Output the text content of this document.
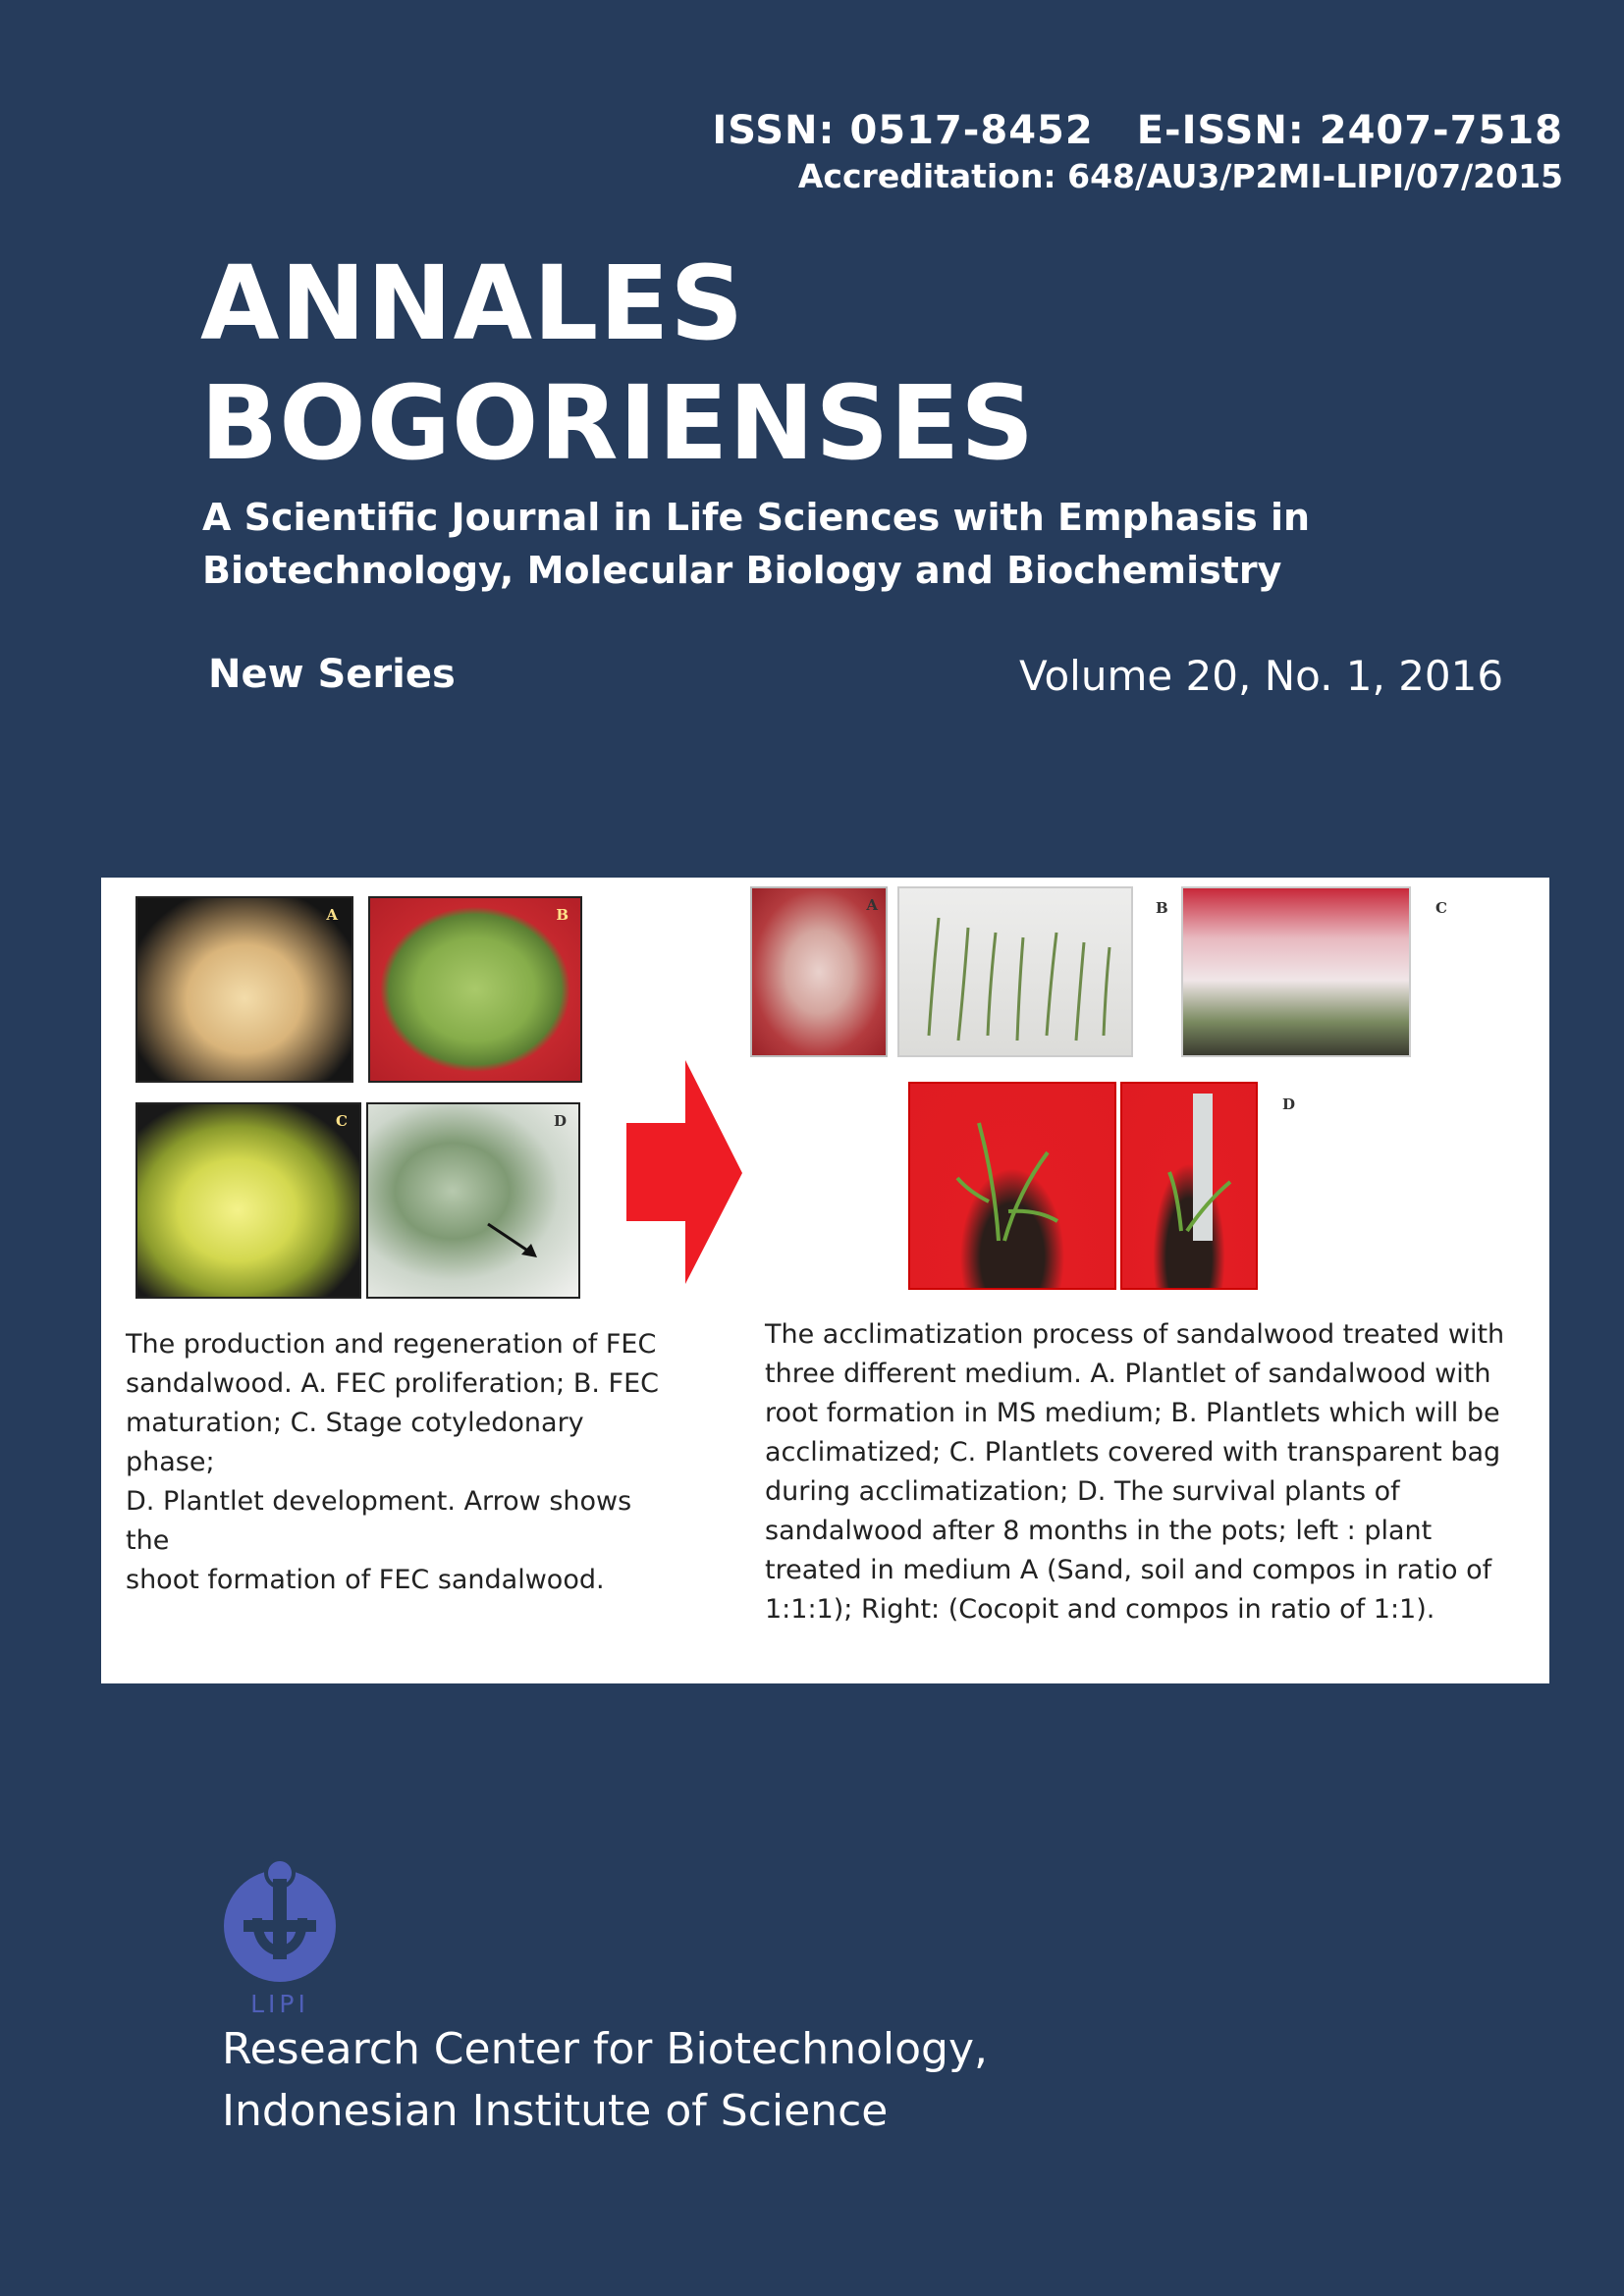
ISSN: 0517-8452 E-ISSN: 2407-7518
Accreditation: 648/AU3/P2MI-LIPI/07/2015
ANNALES
BOGORIENSES

A Scientific Journal in Life Sciences with Emphasis in
Biotechnology, Molecular Biology and Biochemistry

New Series	Volume 20, No. 1, 2016
A	B
C	D
A	B	C
D
The production and regeneration of FEC
sandalwood. A. FEC proliferation; B. FEC
maturation; C. Stage cotyledonary phase;
D. Plantlet development. Arrow shows the
shoot formation of FEC sandalwood.
The acclimatization process of sandalwood treated with
three different medium. A. Plantlet of sandalwood with
root formation in MS medium; B. Plantlets which will be
acclimatized; C. Plantlets covered with transparent bag
during acclimatization; D. The survival plants of
sandalwood after 8 months in the pots; left : plant
treated in medium A (Sand, soil and compos in ratio of
1:1:1); Right: (Cocopit and compos in ratio of 1:1).
LIPI
Research Center for Biotechnology,
Indonesian Institute of Science
